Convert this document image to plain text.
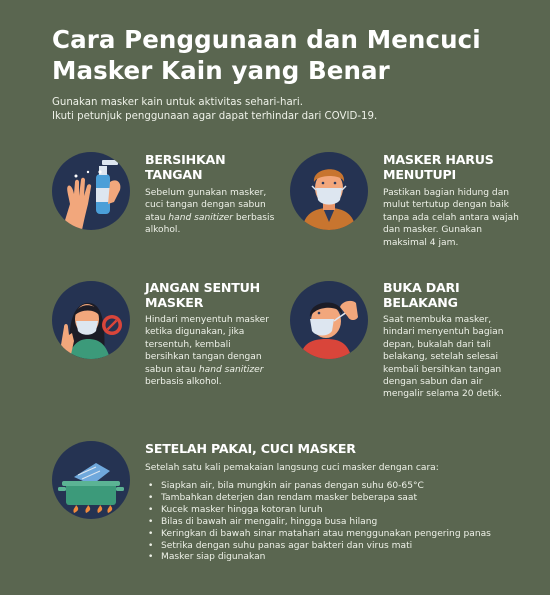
Cara Penggunaan dan Mencuci Masker Kain yang Benar
Gunakan masker kain untuk aktivitas sehari-hari.
Ikuti petunjuk penggunaan agar dapat terhindar dari COVID-19.
BERSIHKAN TANGAN
Sebelum gunakan masker, cuci tangan dengan sabun atau hand sanitizer berbasis alkohol.
MASKER HARUS MENUTUPI
Pastikan bagian hidung dan mulut tertutup dengan baik tanpa ada celah antara wajah dan masker. Gunakan maksimal 4 jam.
JANGAN SENTUH MASKER
Hindari menyentuh masker ketika digunakan, jika tersentuh, kembali bersihkan tangan dengan sabun atau hand sanitizer berbasis alkohol.
BUKA DARI BELAKANG
Saat membuka masker, hindari menyentuh bagian depan, bukalah dari tali belakang, setelah selesai kembali bersihkan tangan dengan sabun dan air mengalir selama 20 detik.
SETELAH PAKAI, CUCI MASKER
Setelah satu kali pemakaian langsung cuci masker dengan cara:
• Siapkan air, bila mungkin air panas dengan suhu 60-65°C
• Tambahkan deterjen dan rendam masker beberapa saat
• Kucek masker hingga kotoran luruh
• Bilas di bawah air mengalir, hingga busa hilang
• Keringkan di bawah sinar matahari atau menggunakan pengering panas
• Setrika dengan suhu panas agar bakteri dan virus mati
• Masker siap digunakan
